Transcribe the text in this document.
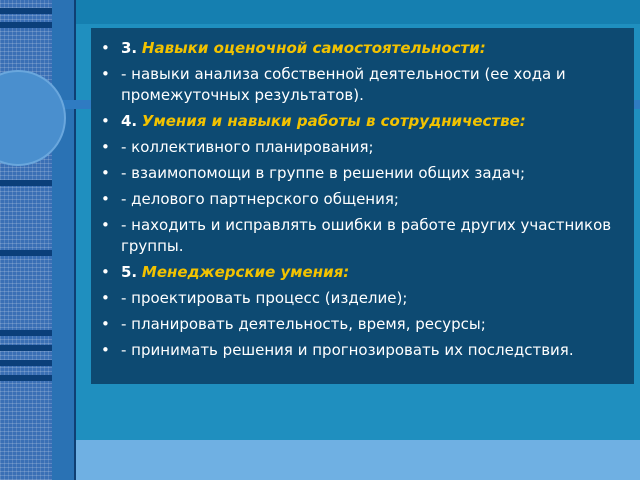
• 3. Навыки оценочной самостоятельности:
• - навыки анализа собственной деятельности (ее хода и промежуточных результатов).
• 4. Умения и навыки работы в сотрудничестве:
• - коллективного планирования;
• - взаимопомощи в группе в решении общих задач;
• - делового партнерского общения;
• - находить и исправлять ошибки в работе других участников группы.
• 5. Менеджерские умения:
• - проектировать процесс (изделие);
• - планировать деятельность, время, ресурсы;
• - принимать решения и прогнозировать их последствия.
